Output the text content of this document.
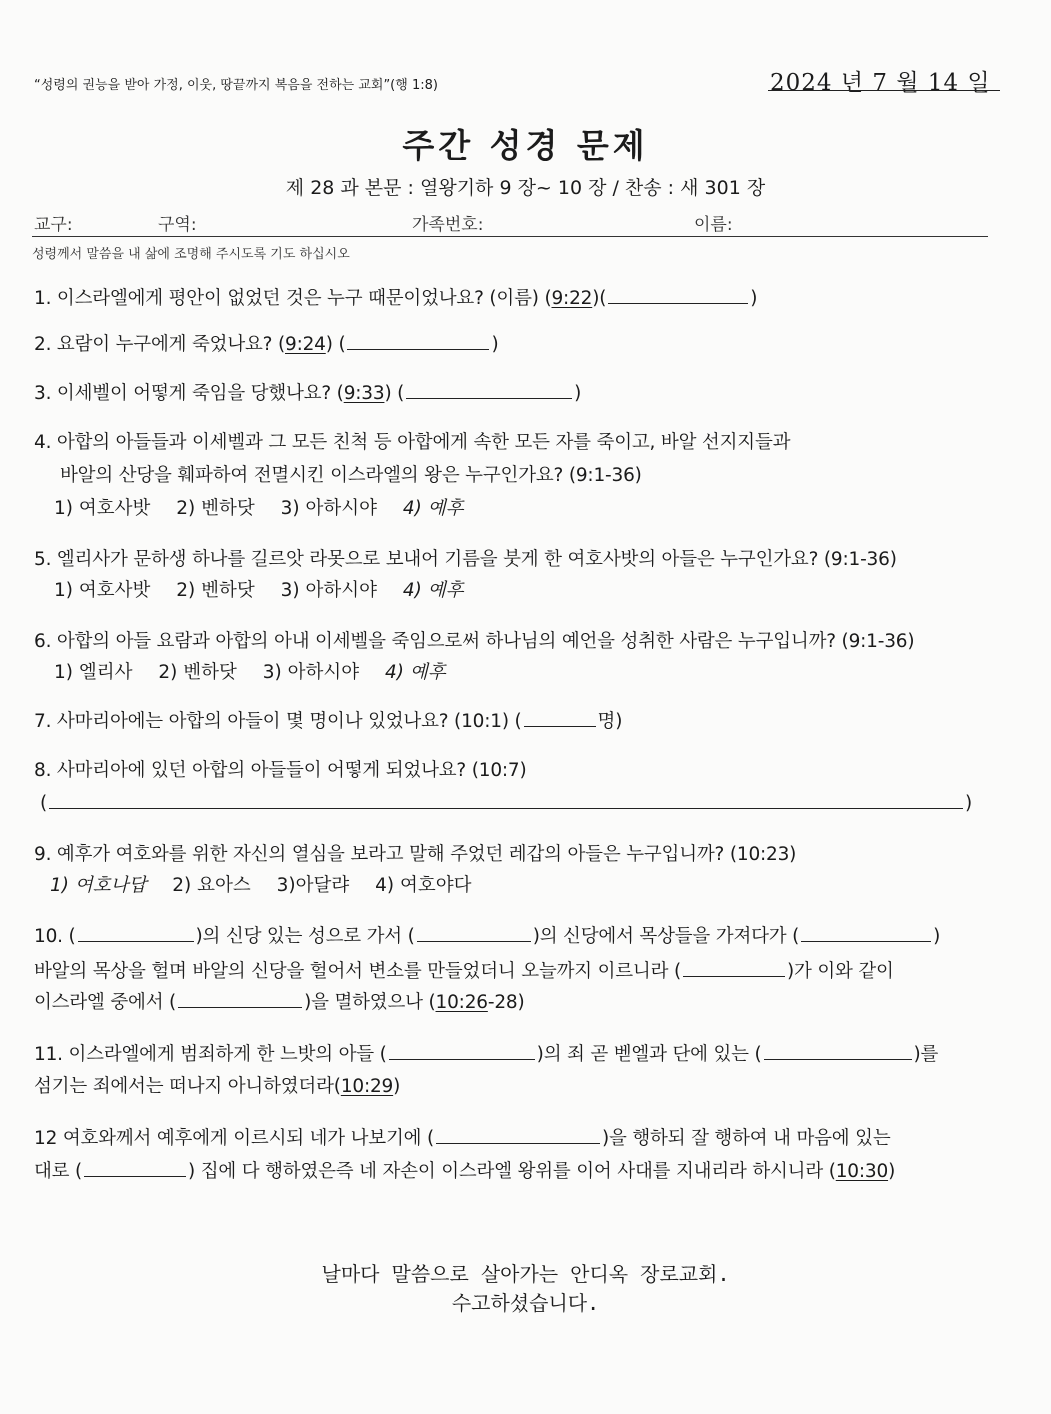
“성령의 권능을 받아 가정, 이웃, 땅끝까지 복음을 전하는 교회”(행 1:8)	2024 년 7 월 14 일
주간 성경 문제
제 28 과 본문 : 열왕기하 9 장~ 10 장 / 찬송 : 새 301 장
교구:	구역:	가족번호:	이름:
성령께서 말씀을 내 삶에 조명해 주시도록 기도 하십시오
1. 이스라엘에게 평안이 없었던 것은 누구 때문이었나요? (이름) (9:22)(	)
2. 요람이 누구에게 죽었나요? (9:24) (	)
3. 이세벨이 어떻게 죽임을 당했나요? (9:33) (	)
4. 아합의 아들들과 이세벨과 그 모든 친척 등 아합에게 속한 모든 자를 죽이고, 바알 선지지들과
바알의 산당을 훼파하여 전멸시킨 이스라엘의 왕은 누구인가요? (9:1-36)
1) 여호사밧 2) 벤하닷 3) 아하시야 4) 예후
5. 엘리사가 문하생 하나를 길르앗 라못으로 보내어 기름을 붓게 한 여호사밧의 아들은 누구인가요? (9:1-36)
1) 여호사밧 2) 벤하닷 3) 아하시야 4) 예후
6. 아합의 아들 요람과 아합의 아내 이세벨을 죽임으로써 하나님의 예언을 성취한 사람은 누구입니까? (9:1-36)
1) 엘리사 2) 벤하닷 3) 아하시야 4) 예후
7. 사마리아에는 아합의 아들이 몇 명이나 있었나요? (10:1) (	명)
8. 사마리아에 있던 아합의 아들들이 어떻게 되었나요? (10:7)
(	)
9. 예후가 여호와를 위한 자신의 열심을 보라고 말해 주었던 레갑의 아들은 누구입니까? (10:23)
1) 여호나답 2) 요아스 3)아달랴 4) 여호야다
10. (	)의 신당 있는 성으로 가서 (	)의 신당에서 목상들을 가져다가 (	)
바알의 목상을 헐며 바알의 신당을 헐어서 변소를 만들었더니 오늘까지 이르니라 (	)가 이와 같이
이스라엘 중에서 (	)을 멸하였으나 (10:26-28)
11. 이스라엘에게 범죄하게 한 느밧의 아들 (	)의 죄 곧 벧엘과 단에 있는 (	)를
섬기는 죄에서는 떠나지 아니하였더라(10:29)
12 여호와께서 예후에게 이르시되 네가 나보기에 (	)을 행하되 잘 행하여 내 마음에 있는
대로 (	) 집에 다 행하였은즉 네 자손이 이스라엘 왕위를 이어 사대를 지내리라 하시니라 (10:30)
날마다 말씀으로 살아가는 안디옥 장로교회.
수고하셨습니다.
